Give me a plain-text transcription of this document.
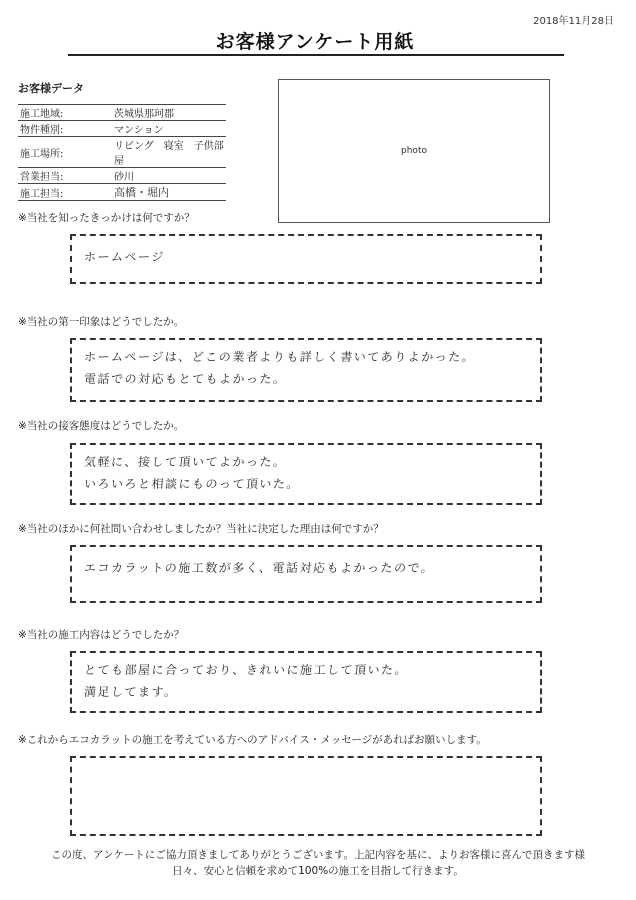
2018年11月28日
お客様アンケート用紙
お客様データ
施工地域:	茨城県那珂郡
物件種別:	マンション
施工場所:	リビング　寝室　子供部屋
営業担当:	砂川
施工担当:	高橋・堀内
photo
※当社を知ったきっかけは何ですか？
ホームページ
※当社の第一印象はどうでしたか。
ホームページは、どこの業者よりも詳しく書いてありよかった。
電話での対応もとてもよかった。
※当社の接客態度はどうでしたか。
気軽に、接して頂いてよかった。
いろいろと相談にものって頂いた。
※当社のほかに何社問い合わせしましたか？当社に決定した理由は何ですか？
エコカラットの施工数が多く、電話対応もよかったので。
※当社の施工内容はどうでしたか？
とても部屋に合っており、きれいに施工して頂いた。
満足してます。
※これからエコカラットの施工を考えている方へのアドバイス・メッセージがあればお願いします。
この度、アンケートにご協力頂きましてありがとうございます。上記内容を基に、よりお客様に喜んで頂きます様
日々、安心と信頼を求めて100%の施工を目指して行きます。
